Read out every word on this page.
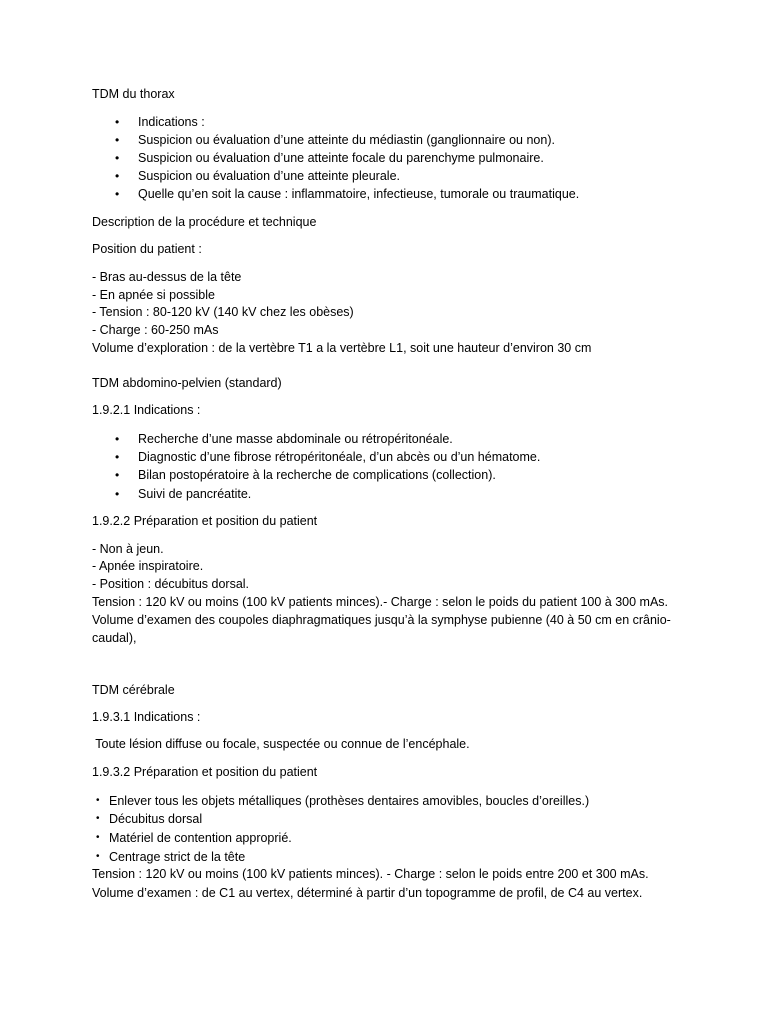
TDM du thorax
• Indications :
• Suspicion ou évaluation d’une atteinte du médiastin (ganglionnaire ou non).
• Suspicion ou évaluation d’une atteinte focale du parenchyme pulmonaire.
• Suspicion ou évaluation d’une atteinte pleurale.
• Quelle qu’en soit la cause : inflammatoire, infectieuse, tumorale ou traumatique.
Description de la procédure et technique
Position du patient :
- Bras au-dessus de la tête
- En apnée si possible
- Tension : 80-120 kV (140 kV chez les obèses)
- Charge : 60-250 mAs
Volume d’exploration : de la vertèbre T1 a la vertèbre L1, soit une hauteur d’environ 30 cm
TDM abdomino-pelvien (standard)
1.9.2.1 Indications :
• Recherche d’une masse abdominale ou rétropéritonéale.
• Diagnostic d’une fibrose rétropéritonéale, d’un abcès ou d’un hématome.
• Bilan postopératoire à la recherche de complications (collection).
• Suivi de pancréatite.
1.9.2.2 Préparation et position du patient
- Non à jeun.
- Apnée inspiratoire.
- Position : décubitus dorsal.
Tension : 120 kV ou moins (100 kV patients minces).- Charge : selon le poids du patient 100 à 300 mAs.
Volume d’examen des coupoles diaphragmatiques jusqu’à la symphyse pubienne (40 à 50 cm en crânio-
caudal),
TDM cérébrale
1.9.3.1 Indications :
Toute lésion diffuse ou focale, suspectée ou connue de l’encéphale.
1.9.3.2 Préparation et position du patient
• Enlever tous les objets métalliques (prothèses dentaires amovibles, boucles d’oreilles.)
• Décubitus dorsal
• Matériel de contention approprié.
• Centrage strict de la tête
Tension : 120 kV ou moins (100 kV patients minces). - Charge : selon le poids entre 200 et 300 mAs.
Volume d’examen : de C1 au vertex, déterminé à partir d’un topogramme de profil, de C4 au vertex.
